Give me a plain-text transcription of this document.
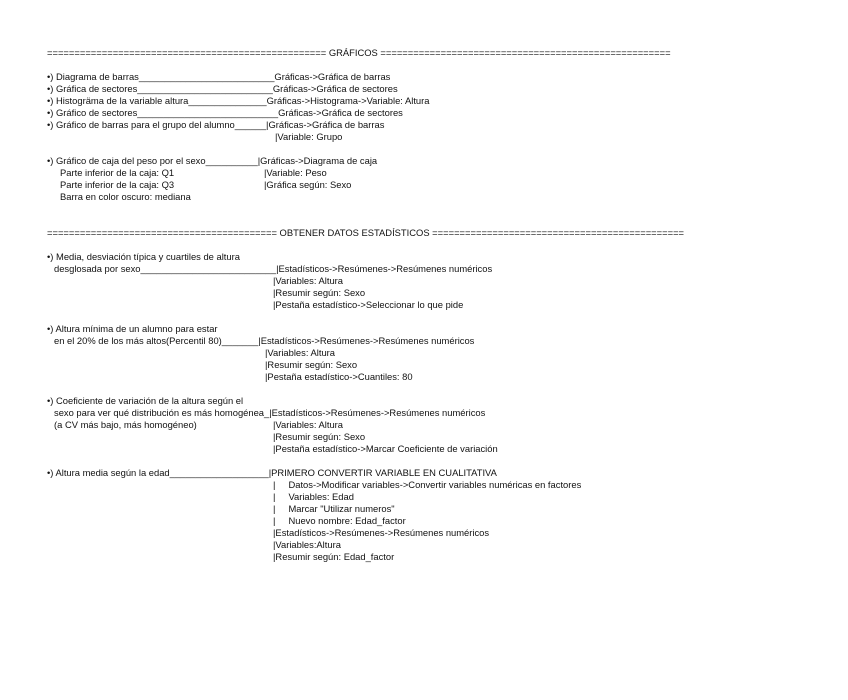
=================================================== GRÁFICOS =====================================================
•) Diagrama de barras__________________________Gráficas->Gráfica de barras
•) Gráfica de sectores__________________________Gráficas->Gráfica de sectores
•) Histogräma de la variable altura_______________Gráficas->Histograma->Variable: Altura
•) Gráfico de sectores___________________________Gráficas->Gráfica de sectores
•) Gráfico de barras para el grupo del alumno______|Gráficas->Gráfica de barras
|Variable: Grupo
•) Gráfico de caja del peso por el sexo__________|Gráficas->Diagrama de caja
Parte inferior de la caja: Q1	|Variable: Peso
Parte inferior de la caja: Q3	|Gráfica según: Sexo
Barra en color oscuro: mediana
========================================== OBTENER DATOS ESTADÍSTICOS ==============================================
•) Media, desviación típica y cuartiles de altura
desglosada por sexo__________________________|Estadísticos->Resúmenes->Resúmenes numéricos
|Variables: Altura
|Resumir según: Sexo
|Pestaña estadístico->Seleccionar lo que pide
•) Altura mínima de un alumno para estar
en el 20% de los más altos(Percentil 80)_______|Estadísticos->Resúmenes->Resúmenes numéricos
|Variables: Altura
|Resumir según: Sexo
|Pestaña estadístico->Cuantiles: 80
•) Coeficiente de variación de la altura según el
sexo para ver qué distribución es más homogénea_|Estadísticos->Resúmenes->Resúmenes numéricos
(a CV más bajo, más homogéneo)	|Variables: Altura
|Resumir según: Sexo
|Pestaña estadístico->Marcar Coeficiente de variación
•) Altura media según la edad___________________|PRIMERO CONVERTIR VARIABLE EN CUALITATIVA
|     Datos->Modificar variables->Convertir variables numéricas en factores
|     Variables: Edad
|     Marcar "Utilizar numeros"
|     Nuevo nombre: Edad_factor
|Estadísticos->Resúmenes->Resúmenes numéricos
|Variables:Altura
|Resumir según: Edad_factor
